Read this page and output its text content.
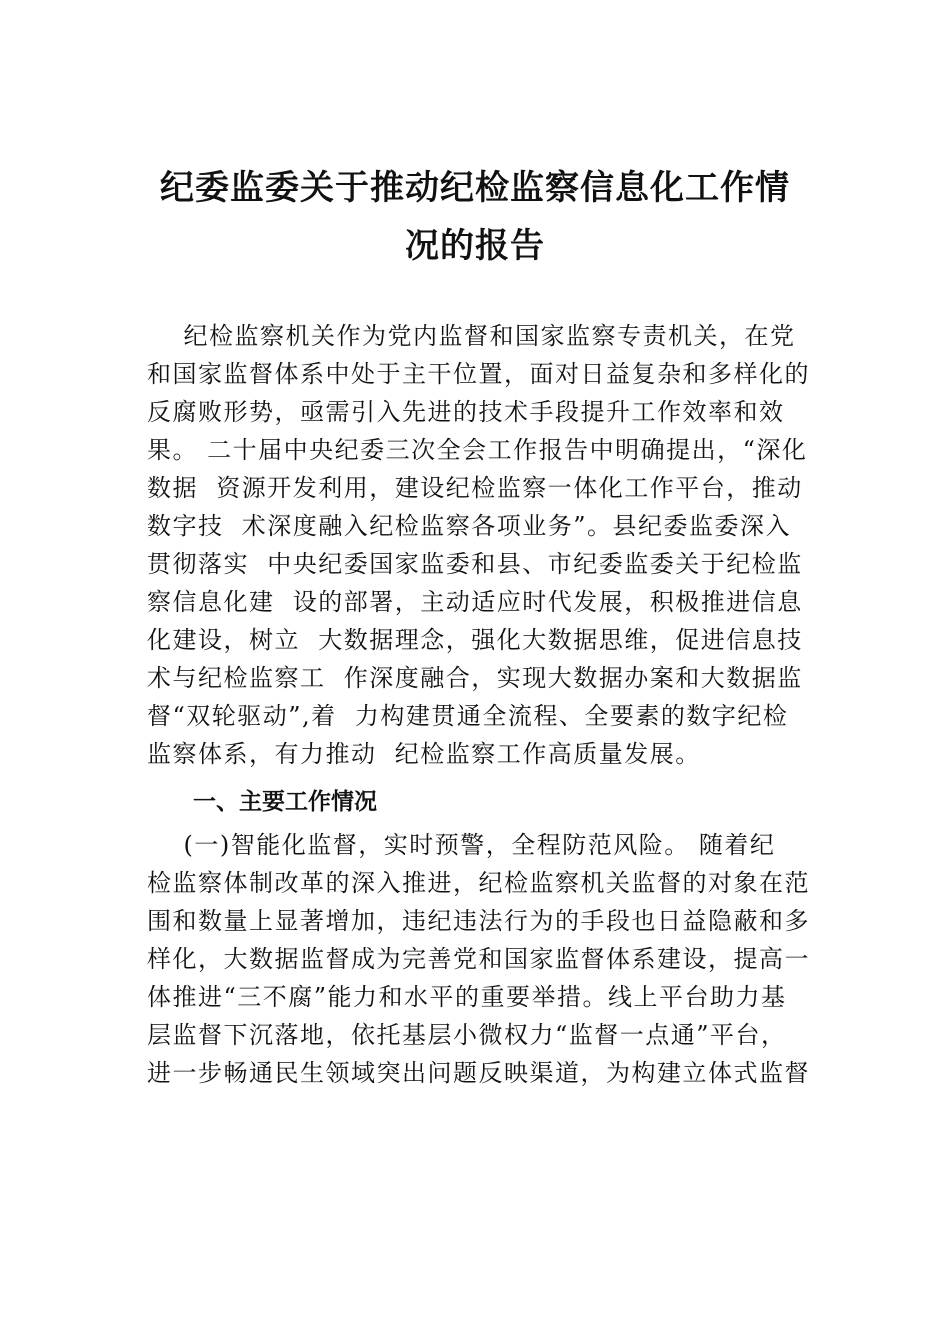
纪委监委关于推动纪检监察信息化工作情
况的报告
纪检监察机关作为党内监督和国家监察专责机关，在党
和国家监督体系中处于主干位置，面对日益复杂和多样化的
反腐败形势，亟需引入先进的技术手段提升工作效率和效
果。 二十届中央纪委三次全会工作报告中明确提出，“深化
数据  资源开发利用，建设纪检监察一体化工作平台，推动
数字技  术深度融入纪检监察各项业务”。县纪委监委深入
贯彻落实  中央纪委国家监委和县、市纪委监委关于纪检监
察信息化建  设的部署，主动适应时代发展，积极推进信息
化建设，树立  大数据理念，强化大数据思维，促进信息技
术与纪检监察工  作深度融合，实现大数据办案和大数据监
督“双轮驱动”,着  力构建贯通全流程、全要素的数字纪检
监察体系，有力推动  纪检监察工作高质量发展。
一、主要工作情况
(一)智能化监督，实时预警，全程防范风险。 随着纪
检监察体制改革的深入推进，纪检监察机关监督的对象在范
围和数量上显著增加，违纪违法行为的手段也日益隐蔽和多
样化，大数据监督成为完善党和国家监督体系建设，提高一
体推进“三不腐”能力和水平的重要举措。线上平台助力基
层监督下沉落地，依托基层小微权力“监督一点通”平台，
进一步畅通民生领域突出问题反映渠道，为构建立体式监督
